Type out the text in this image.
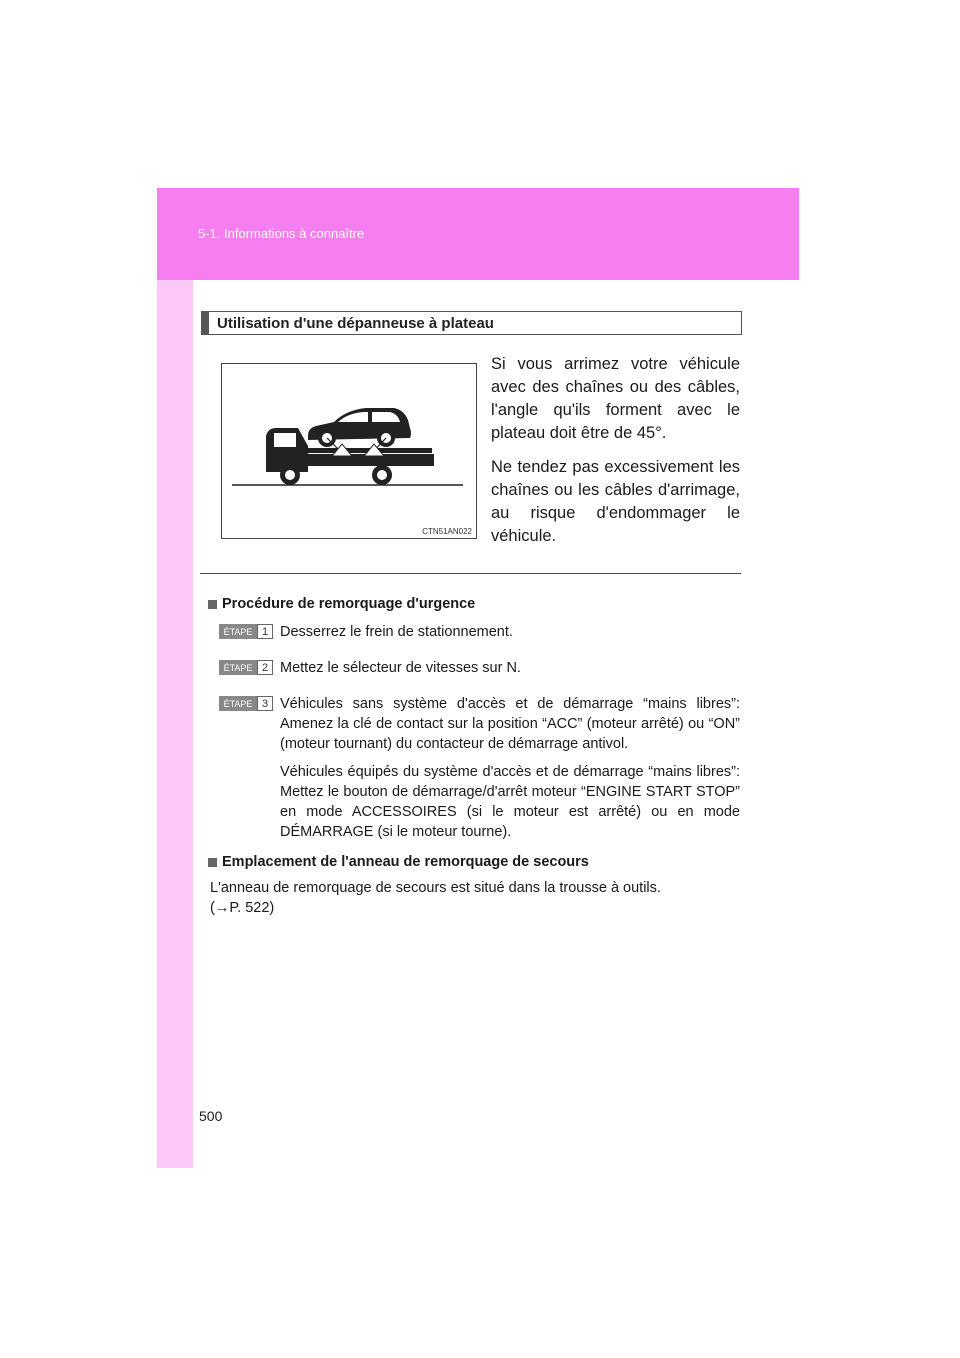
5-1. Informations à connaître
Utilisation d'une dépanneuse à plateau
CTN51AN022

Si vous arrimez votre véhicule avec des chaînes ou des câbles, l'angle qu'ils forment avec le plateau doit être de 45°.

Ne tendez pas excessivement les chaînes ou les câbles d'arrimage, au risque d'endommager le véhicule.

Procédure de remorquage d'urgence
ÉTAPE 1 Desserrez le frein de stationnement.

ÉTAPE 2 Mettez le sélecteur de vitesses sur N.

ÉTAPE 3 Véhicules sans système d'accès et de démarrage “mains libres”: Amenez la clé de contact sur la position “ACC” (moteur arrêté) ou “ON” (moteur tournant) du contacteur de démarrage antivol.

Véhicules équipés du système d'accès et de démarrage “mains libres”: Mettez le bouton de démarrage/d'arrêt moteur “ENGINE START STOP” en mode ACCESSOIRES (si le moteur est arrêté) ou en mode DÉMARRAGE (si le moteur tourne).

Emplacement de l'anneau de remorquage de secours
L'anneau de remorquage de secours est situé dans la trousse à outils.
(→P. 522)
500
